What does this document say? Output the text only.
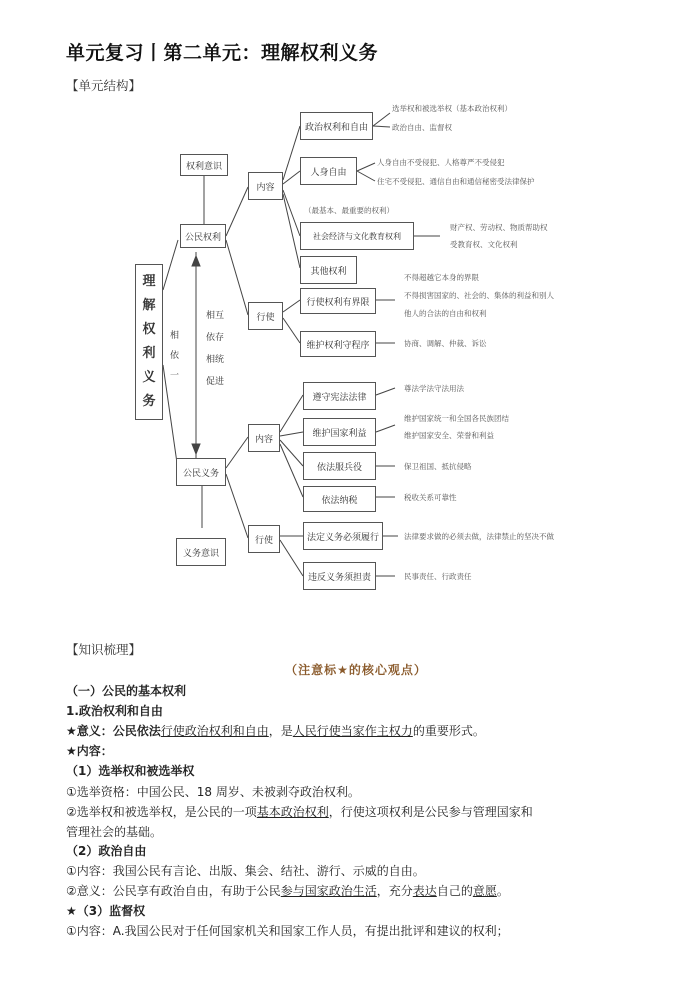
单元复习丨第二单元：理解权利义务
【单元结构】
理
解
权
利
义
务
相
依
一
相互
依存
相统
促进
权利意识
公民权利
内容
行使
政治权利和自由
人身自由
社会经济与文化教育权利
其他权利
行使权利有界限
维护权利守程序
选举权和被选举权（基本政治权利）
政治自由、监督权
人身自由不受侵犯、人格尊严不受侵犯
住宅不受侵犯、通信自由和通信秘密受法律保护
（最基本、最重要的权利）
财产权、劳动权、物质帮助权
受教育权、文化权利
不得超越它本身的界限
不得损害国家的、社会的、集体的利益和别人
他人的合法的自由和权利
协商、调解、仲裁、诉讼
公民义务
义务意识
内容
行使
遵守宪法法律
维护国家利益
依法服兵役
依法纳税
法定义务必须履行
违反义务须担责
尊法学法守法用法
维护国家统一和全国各民族团结
维护国家安全、荣誉和利益
保卫祖国、抵抗侵略
税收关系可靠性
法律要求做的必须去做，法律禁止的坚决不做
民事责任、行政责任
【知识梳理】
（注意标★的核心观点）
（一）公民的基本权利
1.政治权利和自由
★意义：公民依法行使政治权利和自由，是人民行使当家作主权力的重要形式。
★内容：
（1）选举权和被选举权
①选举资格：中国公民、18 周岁、未被剥夺政治权利。
②选举权和被选举权，是公民的一项基本政治权利，行使这项权利是公民参与管理国家和
管理社会的基础。
（2）政治自由
①内容：我国公民有言论、出版、集会、结社、游行、示威的自由。
②意义：公民享有政治自由，有助于公民参与国家政治生活，充分表达自己的意愿。
★（3）监督权
①内容：A.我国公民对于任何国家机关和国家工作人员，有提出批评和建议的权利；
